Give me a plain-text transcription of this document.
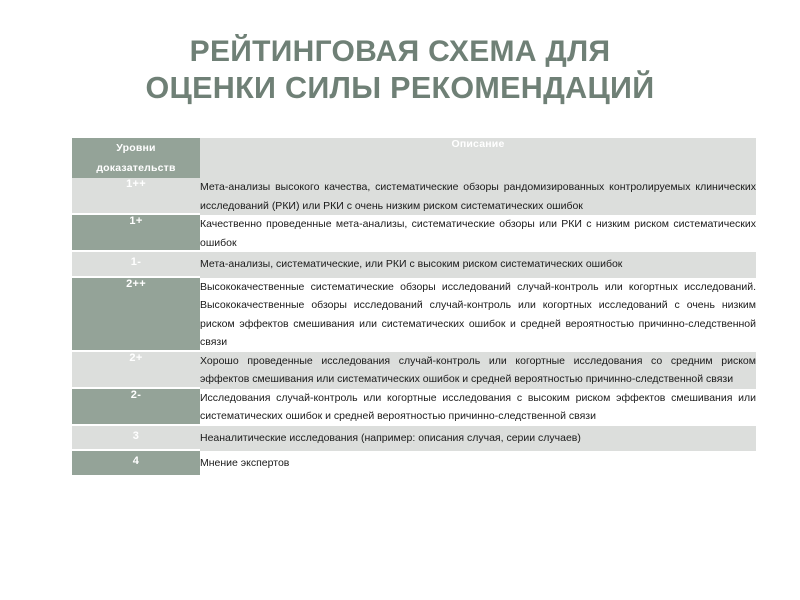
РЕЙТИНГОВАЯ СХЕМА ДЛЯ
ОЦЕНКИ СИЛЫ РЕКОМЕНДАЦИЙ
Уровни
доказательств	Описание
1++	Мета-анализы высокого качества, систематические обзоры рандомизированных контролируемых клинических исследований (РКИ) или РКИ с очень низким риском систематических ошибок
1+	Качественно проведенные мета-анализы, систематические обзоры или РКИ с низким риском систематических ошибок
1-	Мета-анализы, систематические, или РКИ с высоким риском систематических ошибок
2++	Высококачественные систематические обзоры исследований случай-контроль или когортных исследований. Высококачественные обзоры исследований случай-контроль или когортных исследований с очень низким риском эффектов смешивания или систематических ошибок и средней вероятностью причинно-следственной связи
2+	Хорошо проведенные исследования случай-контроль или когортные исследования со средним риском эффектов смешивания или систематических ошибок и средней вероятностью причинно-следственной связи
2-	Исследования случай-контроль или когортные исследования с высоким риском эффектов смешивания или систематических ошибок и средней вероятностью причинно-следственной связи
3	Неаналитические исследования (например: описания случая, серии случаев)
4	Мнение экспертов
